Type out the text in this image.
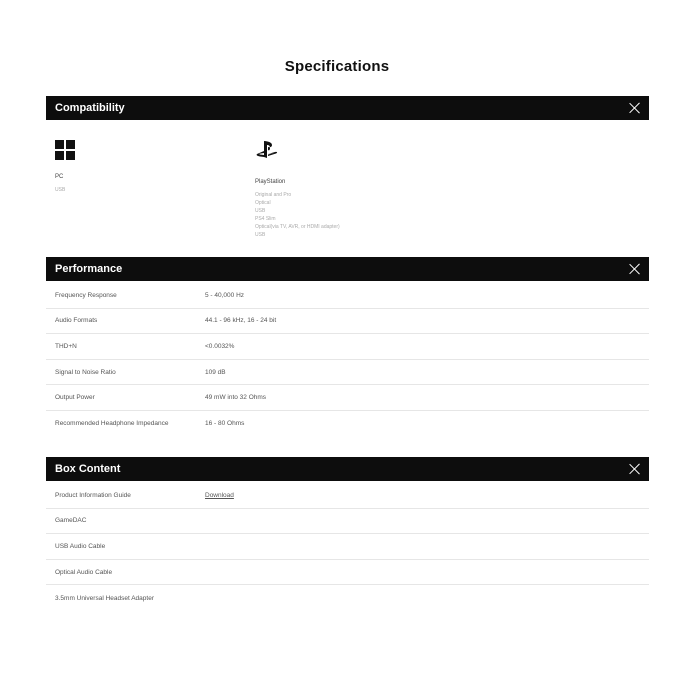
Specifications
Compatibility
PC
USB
PlayStation
Original and Pro
Optical
USB
PS4 Slim
Optical(via TV, AVR, or HDMI adapter)
USB
Performance
Frequency Response	5 - 40,000 Hz
Audio Formats	44.1 - 96 kHz, 16 - 24 bit
THD+N	<0.0032%
Signal to Noise Ratio	109 dB
Output Power	49 mW into 32 Ohms
Recommended Headphone Impedance	16 - 80 Ohms
Box Content
Product Information Guide	Download
GameDAC
USB Audio Cable
Optical Audio Cable
3.5mm Universal Headset Adapter
